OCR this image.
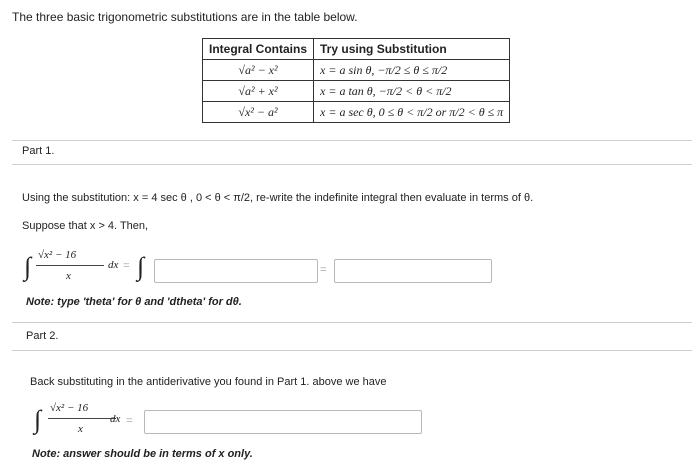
The three basic trigonometric substitutions are in the table below.
Integral Contains	Try using Substitution
√a² − x²	x = a sin θ, −π/2 ≤ θ ≤ π/2
√a² + x²	x = a tan θ, −π/2 < θ < π/2
√x² − a²	x = a sec θ, 0 ≤ θ < π/2 or π/2 < θ ≤ π
Part 1.
Using the substitution: x = 4 sec θ , 0 < θ < π/2, re-write the indefinite integral then evaluate in terms of θ.
Suppose that x > 4. Then,
∫ √x² − 16
x
dx = ∫	=
Note: type 'theta' for θ and 'dtheta' for dθ.
Part 2.
Back substituting in the antiderivative you found in Part 1. above we have
∫ √x² − 16
x
dx =
Note: answer should be in terms of x only.
